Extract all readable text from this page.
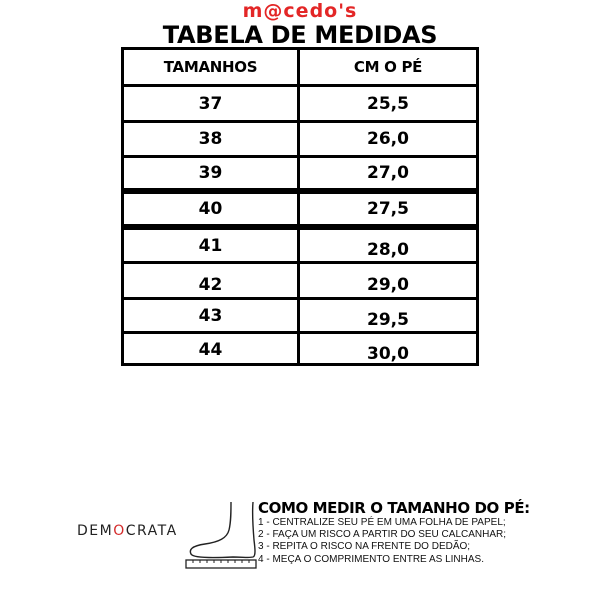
m@cedo's
TABELA DE MEDIDAS
TAMANHOS	CM O PÉ
37	25,5
38	26,0
39	27,0
40	27,5
41	28,0
42	29,0
43	29,5
44	30,0
DEMOCRATA
COMO MEDIR O TAMANHO DO PÉ:
1 - CENTRALIZE SEU PÉ EM UMA FOLHA DE PAPEL;
2 - FAÇA UM RISCO A PARTIR DO SEU CALCANHAR;
3 - REPITA O RISCO NA FRENTE DO DEDÃO;
4 - MEÇA O COMPRIMENTO ENTRE AS LINHAS.
